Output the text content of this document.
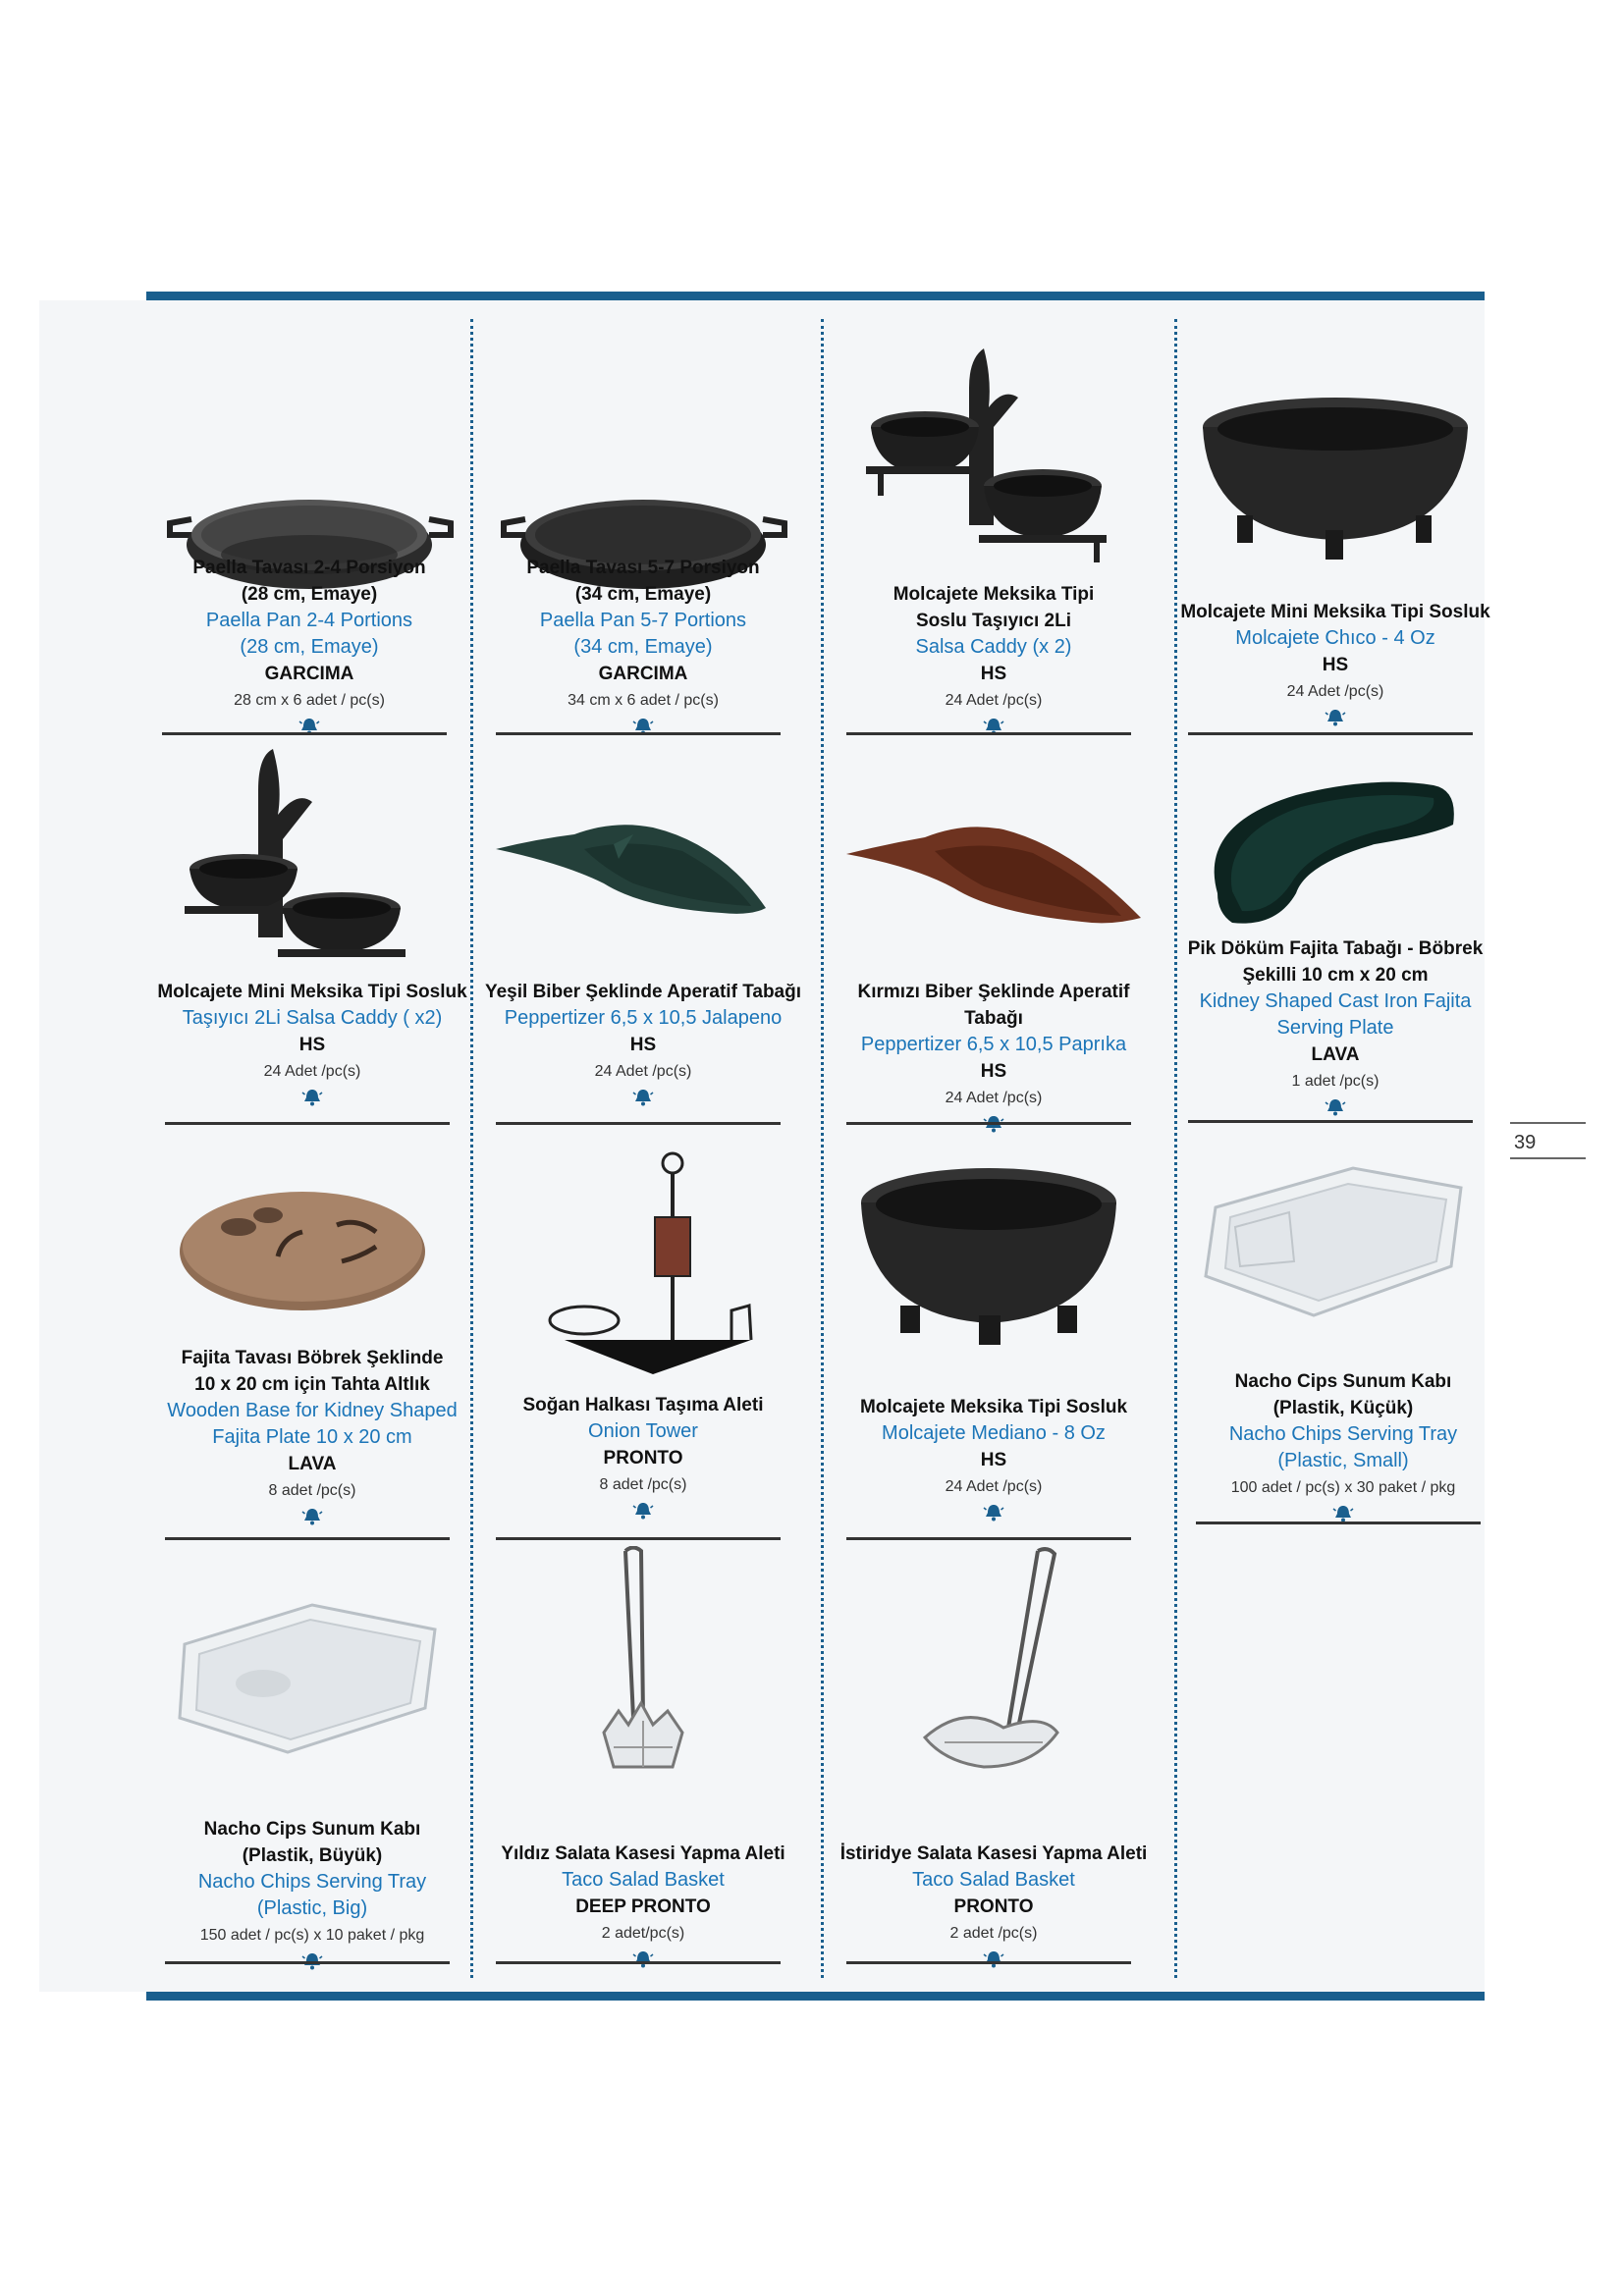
39
Paella Tavası 2-4 Porsiyon
(28 cm, Emaye)
Paella Pan 2-4 Portions
(28 cm, Emaye)
GARCIMA
28 cm x 6 adet / pc(s)
Paella Tavası 5-7 Porsiyon
(34 cm, Emaye)
Paella Pan 5-7 Portions
(34 cm, Emaye)
GARCIMA
34 cm x 6 adet / pc(s)
Molcajete Meksika Tipi
Soslu Taşıyıcı 2Li
Salsa Caddy (x 2)
HS
24 Adet /pc(s)
Molcajete Mini Meksika Tipi Sosluk
Molcajete Chıco - 4 Oz
HS
24 Adet /pc(s)
Molcajete Mini Meksika Tipi Sosluk
Taşıyıcı 2Li Salsa Caddy ( x2)
HS
24 Adet /pc(s)
Yeşil Biber Şeklinde Aperatif Tabağı
Peppertizer 6,5 x 10,5 Jalapeno
HS
24 Adet /pc(s)
Kırmızı Biber Şeklinde Aperatif Tabağı
Peppertizer 6,5 x 10,5 Paprıka
HS
24 Adet /pc(s)
Pik Döküm Fajita Tabağı - Böbrek
Şekilli 10 cm x 20 cm
Kidney Shaped Cast Iron Fajita
Serving Plate
LAVA
1 adet /pc(s)
Fajita Tavası Böbrek Şeklinde
10 x 20 cm için Tahta Altlık
Wooden Base for Kidney Shaped
Fajita Plate 10 x 20 cm
LAVA
8 adet /pc(s)
Soğan Halkası Taşıma Aleti
Onion Tower
PRONTO
8 adet /pc(s)
Molcajete Meksika Tipi Sosluk
Molcajete Mediano - 8 Oz
HS
24 Adet /pc(s)
Nacho Cips Sunum Kabı
(Plastik, Küçük)
Nacho Chips Serving Tray
(Plastic, Small)
100 adet / pc(s) x 30 paket / pkg
Nacho Cips Sunum Kabı
(Plastik, Büyük)
Nacho Chips Serving Tray
(Plastic, Big)
150 adet / pc(s) x 10 paket / pkg
Yıldız Salata Kasesi Yapma Aleti
Taco Salad Basket
DEEP PRONTO
2 adet/pc(s)
İstiridye Salata Kasesi Yapma Aleti
Taco Salad Basket
PRONTO
2 adet /pc(s)
